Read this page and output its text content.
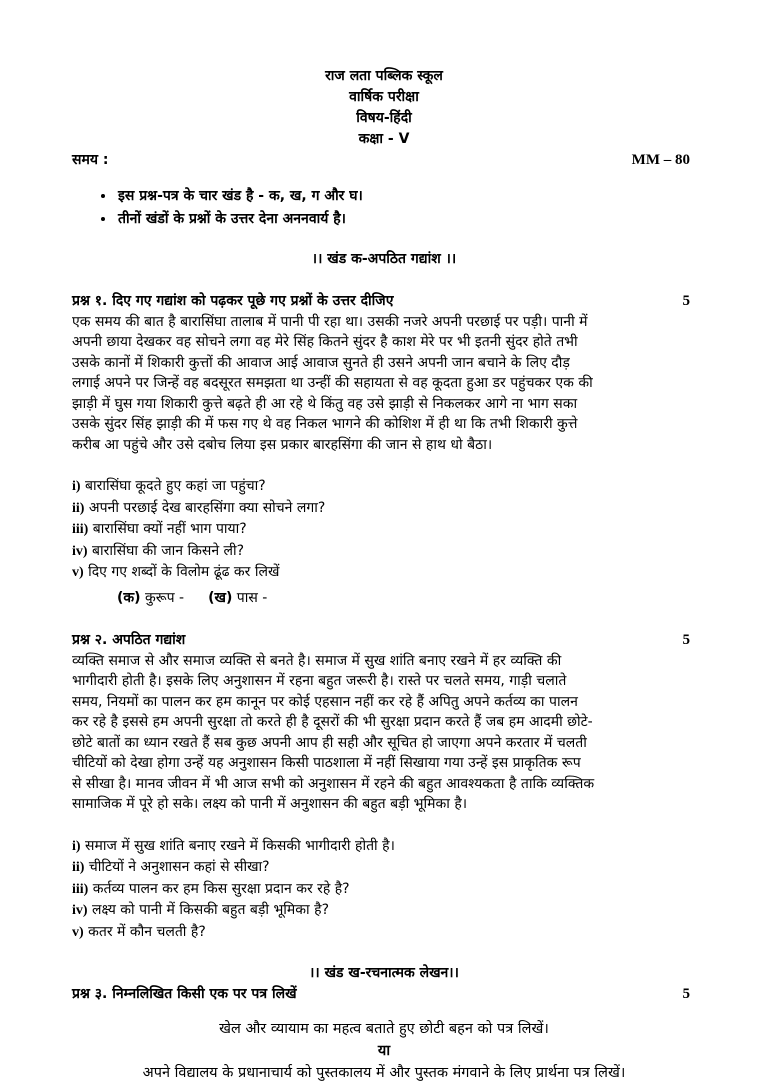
राज लता पब्लिक स्कूल
वार्षिक परीक्षा
विषय-हिंदी
कक्षा - V
समय :	MM – 80
• इस प्रश्न-पत्र के चार खंड है - क, ख, ग और घ।
• तीनों खंडों के प्रश्नों के उत्तर देना अननवार्य है।
।। खंड क-अपठित गद्यांश ।।
प्रश्न १. दिए गए गद्यांश को पढ़कर पूछे गए प्रश्नों के उत्तर दीजिए	5
एक समय की बात है बारासिंघा तालाब में पानी पी रहा था। उसकी नजरे अपनी परछाई पर पड़ी। पानी में
अपनी छाया देखकर वह सोचने लगा वह मेरे सिंह कितने सुंदर है काश मेरे पर भी इतनी सुंदर होते तभी
उसके कानों में शिकारी कुत्तों की आवाज आई आवाज सुनते ही उसने अपनी जान बचाने के लिए दौड़
लगाई अपने पर जिन्हें वह बदसूरत समझता था उन्हीं की सहायता से वह कूदता हुआ डर पहुंचकर एक की
झाड़ी में घुस गया शिकारी कुत्ते बढ़ते ही आ रहे थे किंतु वह उसे झाड़ी से निकलकर आगे ना भाग सका
उसके सुंदर सिंह झाड़ी की में फस गए थे वह निकल भागने की कोशिश में ही था कि तभी शिकारी कुत्ते
करीब आ पहुंचे और उसे दबोच लिया इस प्रकार बारहसिंगा की जान से हाथ धो बैठा।
i) बारासिंघा कूदते हुए कहां जा पहुंचा?
ii) अपनी परछाई देख बारहसिंगा क्या सोचने लगा?
iii) बारासिंघा क्यों नहीं भाग पाया?
iv) बारासिंघा की जान किसने ली?
v) दिए गए शब्दों के विलोम ढूंढ कर लिखें
(क) कुरूप - (ख) पास -
प्रश्न २. अपठित गद्यांश	5
व्यक्ति समाज से और समाज व्यक्ति से बनते है। समाज में सुख शांति बनाए रखने में हर व्यक्ति की
भागीदारी होती है। इसके लिए अनुशासन में रहना बहुत जरूरी है। रास्ते पर चलते समय, गाड़ी चलाते
समय, नियमों का पालन कर हम कानून पर कोई एहसान नहीं कर रहे हैं अपितु अपने कर्तव्य का पालन
कर रहे है इससे हम अपनी सुरक्षा तो करते ही है दूसरों की भी सुरक्षा प्रदान करते हैं जब हम आदमी छोटे-
छोटे बातों का ध्यान रखते हैं सब कुछ अपनी आप ही सही और सूचित हो जाएगा अपने करतार में चलती
चीटियों को देखा होगा उन्हें यह अनुशासन किसी पाठशाला में नहीं सिखाया गया उन्हें इस प्राकृतिक रूप
से सीखा है। मानव जीवन में भी आज सभी को अनुशासन में रहने की बहुत आवश्यकता है ताकि व्यक्तिक
सामाजिक में पूरे हो सके। लक्ष्य को पानी में अनुशासन की बहुत बड़ी भूमिका है।
i) समाज में सुख शांति बनाए रखने में किसकी भागीदारी होती है।
ii) चीटियों ने अनुशासन कहां से सीखा?
iii) कर्तव्य पालन कर हम किस सुरक्षा प्रदान कर रहे है?
iv) लक्ष्य को पानी में किसकी बहुत बड़ी भूमिका है?
v) कतर में कौन चलती है?
।। खंड ख-रचनात्मक लेखन।।
प्रश्न ३. निम्नलिखित किसी एक पर पत्र लिखें	5
खेल और व्यायाम का महत्व बताते हुए छोटी बहन को पत्र लिखें।
या
अपने विद्यालय के प्रधानाचार्य को पुस्तकालय में और पुस्तक मंगवाने के लिए प्रार्थना पत्र लिखें।
